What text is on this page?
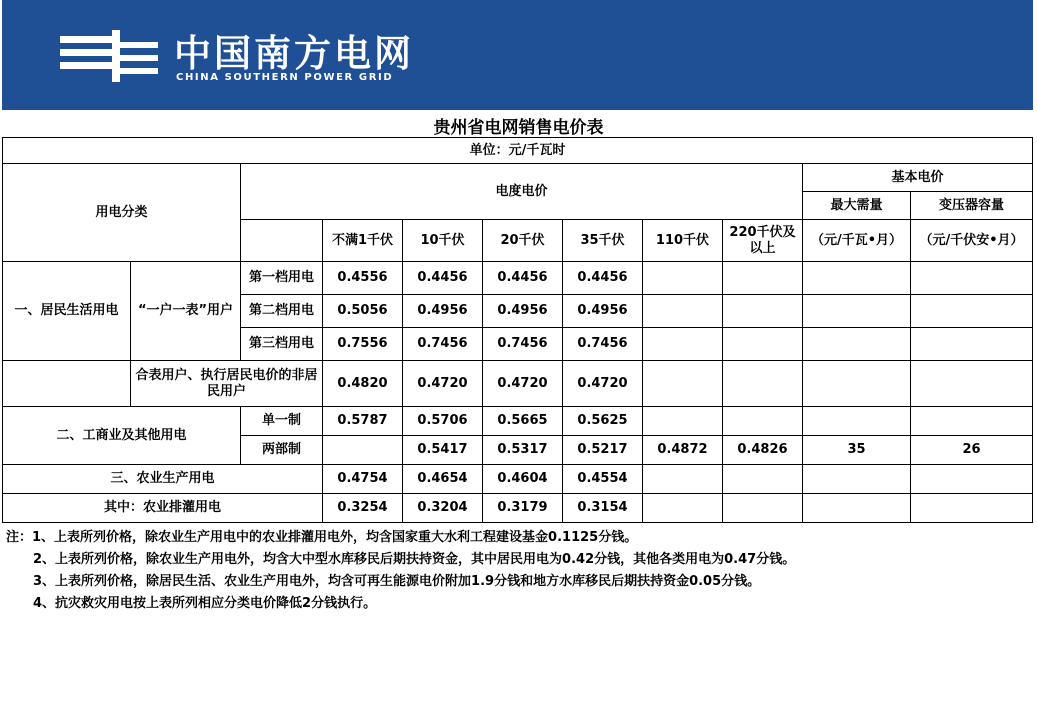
中国南方电网
CHINA SOUTHERN POWER GRID
贵州省电网销售电价表
单位：元/千瓦时										
用电分类		电度电价							基本电价	
									最大需量	变压器容量
			不满1千伏	10千伏	20千伏	35千伏	110千伏	220千伏及以上	（元/千瓦•月）	（元/千伏安•月）
一、居民生活用电	“一户一表”用户	第一档用电	0.4556	0.4456	0.4456	0.4456				
		第二档用电	0.5056	0.4956	0.4956	0.4956				
		第三档用电	0.7556	0.7456	0.7456	0.7456				
	合表用户、执行居民电价的非居民用户		0.4820	0.4720	0.4720	0.4720				
二、工商业及其他用电		单一制	0.5787	0.5706	0.5665	0.5625				
		两部制		0.5417	0.5317	0.5217	0.4872	0.4826	35	26
三、农业生产用电			0.4754	0.4654	0.4604	0.4554				
其中：农业排灌用电			0.3254	0.3204	0.3179	0.3154				
注：1、上表所列价格，除农业生产用电中的农业排灌用电外，均含国家重大水利工程建设基金0.1125分钱。
2、上表所列价格，除农业生产用电外，均含大中型水库移民后期扶持资金，其中居民用电为0.42分钱，其他各类用电为0.47分钱。
3、上表所列价格，除居民生活、农业生产用电外，均含可再生能源电价附加1.9分钱和地方水库移民后期扶持资金0.05分钱。
4、抗灾救灾用电按上表所列相应分类电价降低2分钱执行。
